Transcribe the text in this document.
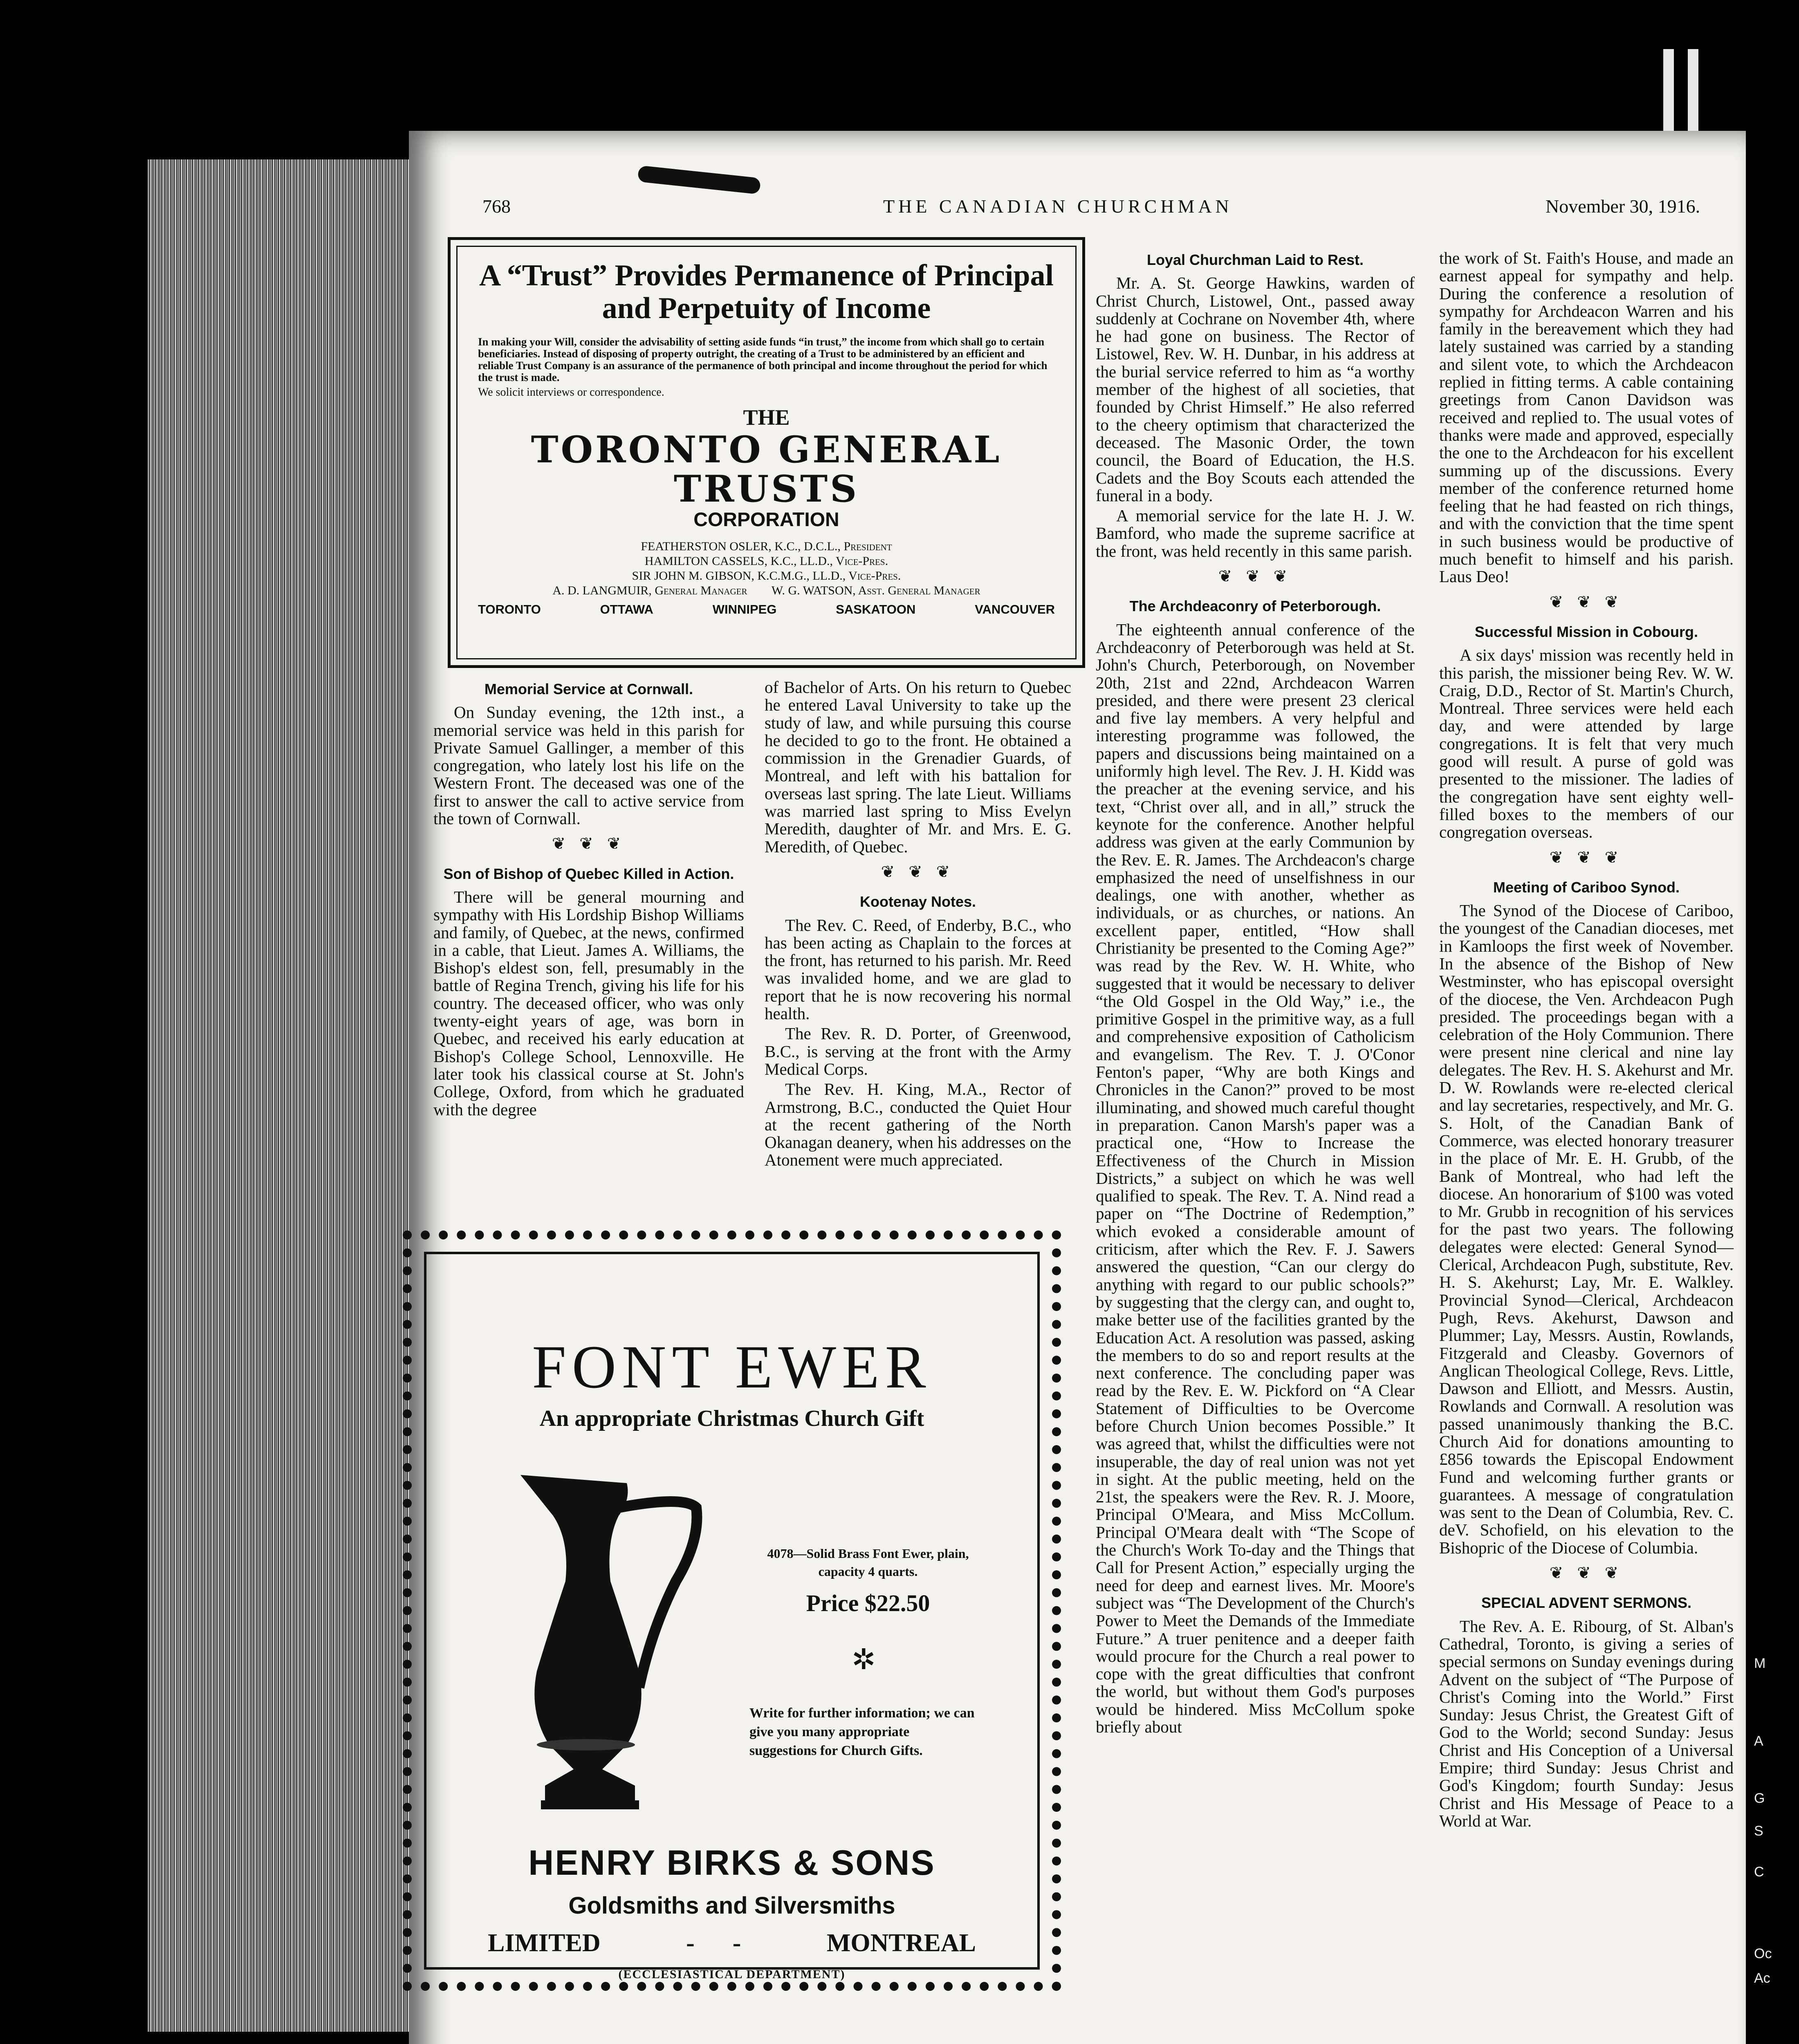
768	THE CANADIAN CHURCHMAN	November 30, 1916.
A “Trust” Provides Permanence of Principal and Perpetuity of Income

In making your Will, consider the advisability of setting aside funds “in trust,” the income from which shall go to certain beneficiaries. Instead of disposing of property outright, the creating of a Trust to be administered by an efficient and reliable Trust Company is an assurance of the permanence of both principal and income throughout the period for which the trust is made.

We solicit interviews or correspondence.

THE

TORONTO GENERAL TRUSTS

CORPORATION

FEATHERSTON OSLER, K.C., D.C.L., President

HAMILTON CASSELS, K.C., LL.D., Vice-Pres.

SIR JOHN M. GIBSON, K.C.M.G., LL.D., Vice-Pres.

A. D. LANGMUIR, General Manager        W. G. WATSON, Asst. General Manager

TORONTO	OTTAWA	WINNIPEG	SASKATOON	VANCOUVER
Memorial Service at Cornwall.

On Sunday evening, the 12th inst., a memorial service was held in this parish for Private Samuel Gallinger, a member of this congregation, who lately lost his life on the Western Front. The deceased was one of the first to answer the call to active service from the town of Cornwall.

❦ ❦ ❦
Son of Bishop of Quebec Killed in Action.

There will be general mourning and sympathy with His Lordship Bishop Williams and family, of Quebec, at the news, confirmed in a cable, that Lieut. James A. Williams, the Bishop's eldest son, fell, presumably in the battle of Regina Trench, giving his life for his country. The deceased officer, who was only twenty-eight years of age, was born in Quebec, and received his early education at Bishop's College School, Lennoxville. He later took his classical course at St. John's College, Oxford, from which he graduated with the degree

of Bachelor of Arts. On his return to Quebec he entered Laval University to take up the study of law, and while pursuing this course he decided to go to the front. He obtained a commission in the Grenadier Guards, of Montreal, and left with his battalion for overseas last spring. The late Lieut. Williams was married last spring to Miss Evelyn Meredith, daughter of Mr. and Mrs. E. G. Meredith, of Quebec.

❦ ❦ ❦
Kootenay Notes.

The Rev. C. Reed, of Enderby, B.C., who has been acting as Chaplain to the forces at the front, has returned to his parish. Mr. Reed was invalided home, and we are glad to report that he is now recovering his normal health.

The Rev. R. D. Porter, of Greenwood, B.C., is serving at the front with the Army Medical Corps.

The Rev. H. King, M.A., Rector of Armstrong, B.C., conducted the Quiet Hour at the recent gathering of the North Okanagan deanery, when his addresses on the Atonement were much appreciated.

Loyal Churchman Laid to Rest.

Mr. A. St. George Hawkins, warden of Christ Church, Listowel, Ont., passed away suddenly at Cochrane on November 4th, where he had gone on business. The Rector of Listowel, Rev. W. H. Dunbar, in his address at the burial service referred to him as “a worthy member of the highest of all societies, that founded by Christ Himself.” He also referred to the cheery optimism that characterized the deceased. The Masonic Order, the town council, the Board of Education, the H.S. Cadets and the Boy Scouts each attended the funeral in a body.

A memorial service for the late H. J. W. Bamford, who made the supreme sacrifice at the front, was held recently in this same parish.

❦ ❦ ❦
The Archdeaconry of Peterborough.

The eighteenth annual conference of the Archdeaconry of Peterborough was held at St. John's Church, Peterborough, on November 20th, 21st and 22nd, Archdeacon Warren presided, and there were present 23 clerical and five lay members. A very helpful and interesting programme was followed, the papers and discussions being maintained on a uniformly high level. The Rev. J. H. Kidd was the preacher at the evening service, and his text, “Christ over all, and in all,” struck the keynote for the conference. Another helpful address was given at the early Communion by the Rev. E. R. James. The Archdeacon's charge emphasized the need of unselfishness in our dealings, one with another, whether as individuals, or as churches, or nations. An excellent paper, entitled, “How shall Christianity be presented to the Coming Age?” was read by the Rev. W. H. White, who suggested that it would be necessary to deliver “the Old Gospel in the Old Way,” i.e., the primitive Gospel in the primitive way, as a full and comprehensive exposition of Catholicism and evangelism. The Rev. T. J. O'Conor Fenton's paper, “Why are both Kings and Chronicles in the Canon?” proved to be most illuminating, and showed much careful thought in preparation. Canon Marsh's paper was a practical one, “How to Increase the Effectiveness of the Church in Mission Districts,” a subject on which he was well qualified to speak. The Rev. T. A. Nind read a paper on “The Doctrine of Redemption,” which evoked a considerable amount of criticism, after which the Rev. F. J. Sawers answered the question, “Can our clergy do anything with regard to our public schools?” by suggesting that the clergy can, and ought to, make better use of the facilities granted by the Education Act. A resolution was passed, asking the members to do so and report results at the next conference. The concluding paper was read by the Rev. E. W. Pickford on “A Clear Statement of Difficulties to be Overcome before Church Union becomes Possible.” It was agreed that, whilst the difficulties were not insuperable, the day of real union was not yet in sight. At the public meeting, held on the 21st, the speakers were the Rev. R. J. Moore, Principal O'Meara, and Miss McCollum. Principal O'Meara dealt with “The Scope of the Church's Work To-day and the Things that Call for Present Action,” especially urging the need for deep and earnest lives. Mr. Moore's subject was “The Development of the Church's Power to Meet the Demands of the Immediate Future.” A truer penitence and a deeper faith would procure for the Church a real power to cope with the great difficulties that confront the world, but without them God's purposes would be hindered. Miss McCollum spoke briefly about

the work of St. Faith's House, and made an earnest appeal for sympathy and help. During the conference a resolution of sympathy for Archdeacon Warren and his family in the bereavement which they had lately sustained was carried by a standing and silent vote, to which the Archdeacon replied in fitting terms. A cable containing greetings from Canon Davidson was received and replied to. The usual votes of thanks were made and approved, especially the one to the Archdeacon for his excellent summing up of the discussions. Every member of the conference returned home feeling that he had feasted on rich things, and with the conviction that the time spent in such business would be productive of much benefit to himself and his parish. Laus Deo!

❦ ❦ ❦
Successful Mission in Cobourg.

A six days' mission was recently held in this parish, the missioner being Rev. W. W. Craig, D.D., Rector of St. Martin's Church, Montreal. Three services were held each day, and were attended by large congregations. It is felt that very much good will result. A purse of gold was presented to the missioner. The ladies of the congregation have sent eighty well-filled boxes to the members of our congregation overseas.

❦ ❦ ❦
Meeting of Cariboo Synod.

The Synod of the Diocese of Cariboo, the youngest of the Canadian dioceses, met in Kamloops the first week of November. In the absence of the Bishop of New Westminster, who has episcopal oversight of the diocese, the Ven. Archdeacon Pugh presided. The proceedings began with a celebration of the Holy Communion. There were present nine clerical and nine lay delegates. The Rev. H. S. Akehurst and Mr. D. W. Rowlands were re-elected clerical and lay secretaries, respectively, and Mr. G. S. Holt, of the Canadian Bank of Commerce, was elected honorary treasurer in the place of Mr. E. H. Grubb, of the Bank of Montreal, who had left the diocese. An honorarium of $100 was voted to Mr. Grubb in recognition of his services for the past two years. The following delegates were elected: General Synod—Clerical, Archdeacon Pugh, substitute, Rev. H. S. Akehurst; Lay, Mr. E. Walkley. Provincial Synod—Clerical, Archdeacon Pugh, Revs. Akehurst, Dawson and Plummer; Lay, Messrs. Austin, Rowlands, Fitzgerald and Cleasby. Governors of Anglican Theological College, Revs. Little, Dawson and Elliott, and Messrs. Austin, Rowlands and Cornwall. A resolution was passed unanimously thanking the B.C. Church Aid for donations amounting to £856 towards the Episcopal Endowment Fund and welcoming further grants or guarantees. A message of congratulation was sent to the Dean of Columbia, Rev. C. deV. Schofield, on his elevation to the Bishopric of the Diocese of Columbia.

❦ ❦ ❦
SPECIAL ADVENT SERMONS.

The Rev. A. E. Ribourg, of St. Alban's Cathedral, Toronto, is giving a series of special sermons on Sunday evenings during Advent on the subject of “The Purpose of Christ's Coming into the World.” First Sunday: Jesus Christ, the Greatest Gift of God to the World; second Sunday: Jesus Christ and His Conception of a Universal Empire; third Sunday: Jesus Christ and God's Kingdom; fourth Sunday: Jesus Christ and His Message of Peace to a World at War.

FONT EWER
An appropriate Christmas Church Gift
4078—Solid Brass Font Ewer, plain, capacity 4 quarts.
Price $22.50
✲
Write for further information; we can give you many appropriate suggestions for Church Gifts.
HENRY BIRKS & SONS
Goldsmiths and Silversmiths
LIMITED	-      -	MONTREAL
(ECCLESIASTICAL DEPARTMENT)
M
A
G
S
C
Oc
Ac
